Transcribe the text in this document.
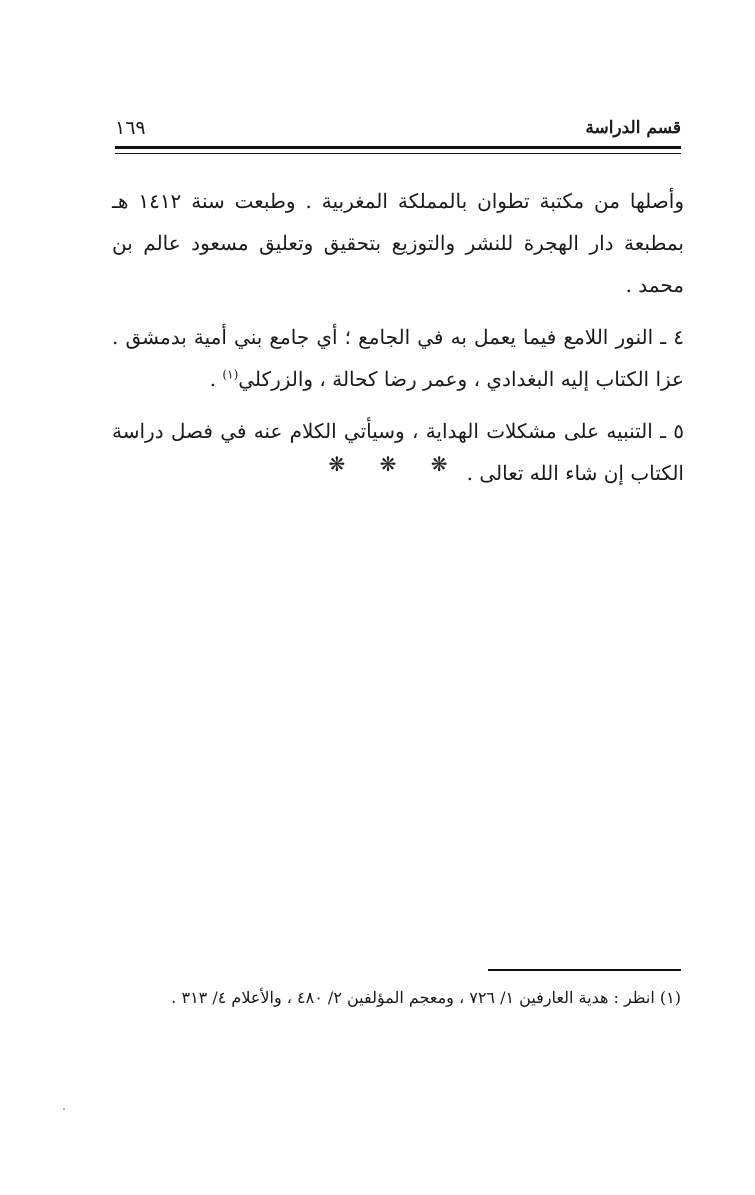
١٦٩	قسم الدراسة

وأصلها من مكتبة تطوان بالمملكة المغربية . وطبعت سنة ١٤١٢ هـ بمطبعة دار الهجرة للنشر والتوزيع بتحقيق وتعليق مسعود عالم بن محمد .

٤ ـ النور اللامع فيما يعمل به في الجامع ؛ أي جامع بني أمية بدمشق . عزا الكتاب إليه البغدادي ، وعمر رضا كحالة ، والزركلي$^{(١)}$ .

٥ ـ التنبيه على مشكلات الهداية ، وسيأتي الكلام عنه في فصل دراسة الكتاب إن شاء الله تعالى .

❋ ❋ ❋
(١) انظر : هدية العارفين ١/ ٧٢٦ ، ومعجم المؤلفين ٢/ ٤٨٠ ، والأعلام ٤/ ٣١٣ .
